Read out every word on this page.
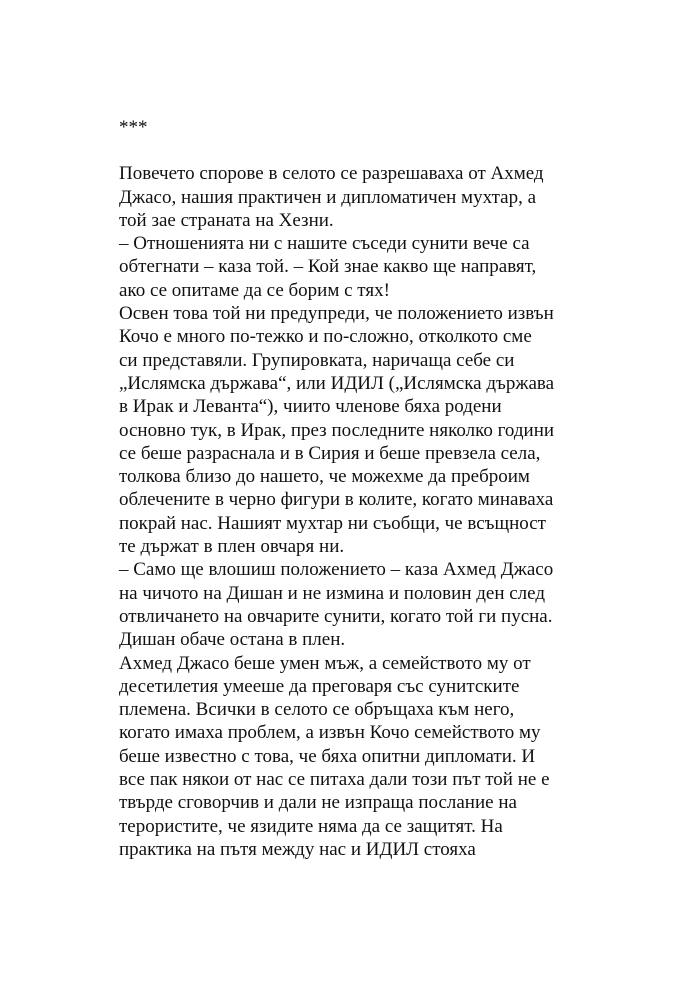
***
Повечето спорове в селото се разрешаваха от Ахмед
Джасо, нашия практичен и дипломатичен мухтар, а
той зае страната на Хезни.
– Отношенията ни с нашите съседи сунити вече са
обтегнати – каза той. – Кой знае какво ще направят,
ако се опитаме да се борим с тях!
Освен това той ни предупреди, че положението извън
Кочо е много по-тежко и по-сложно, отколкото сме
си представяли. Групировката, наричаща себе си
„Ислямска държава“, или ИДИЛ („Ислямска държава
в Ирак и Леванта“), чиито членове бяха родени
основно тук, в Ирак, през последните няколко години
се беше разраснала и в Сирия и беше превзела села,
толкова близо до нашето, че можехме да преброим
облечените в черно фигури в колите, когато минаваха
покрай нас. Нашият мухтар ни съобщи, че всъщност
те държат в плен овчаря ни.
– Само ще влошиш положението – каза Ахмед Джасо
на чичото на Дишан и не измина и половин ден след
отвличането на овчарите сунити, когато той ги пусна.
Дишан обаче остана в плен.
Ахмед Джасо беше умен мъж, а семейството му от
десетилетия умееше да преговаря със сунитските
племена. Всички в селото се обръщаха към него,
когато имаха проблем, а извън Кочо семейството му
беше известно с това, че бяха опитни дипломати. И
все пак някои от нас се питаха дали този път той не е
твърде сговорчив и дали не изпраща послание на
терористите, че язидите няма да се защитят. На
практика на пътя между нас и ИДИЛ стояха
